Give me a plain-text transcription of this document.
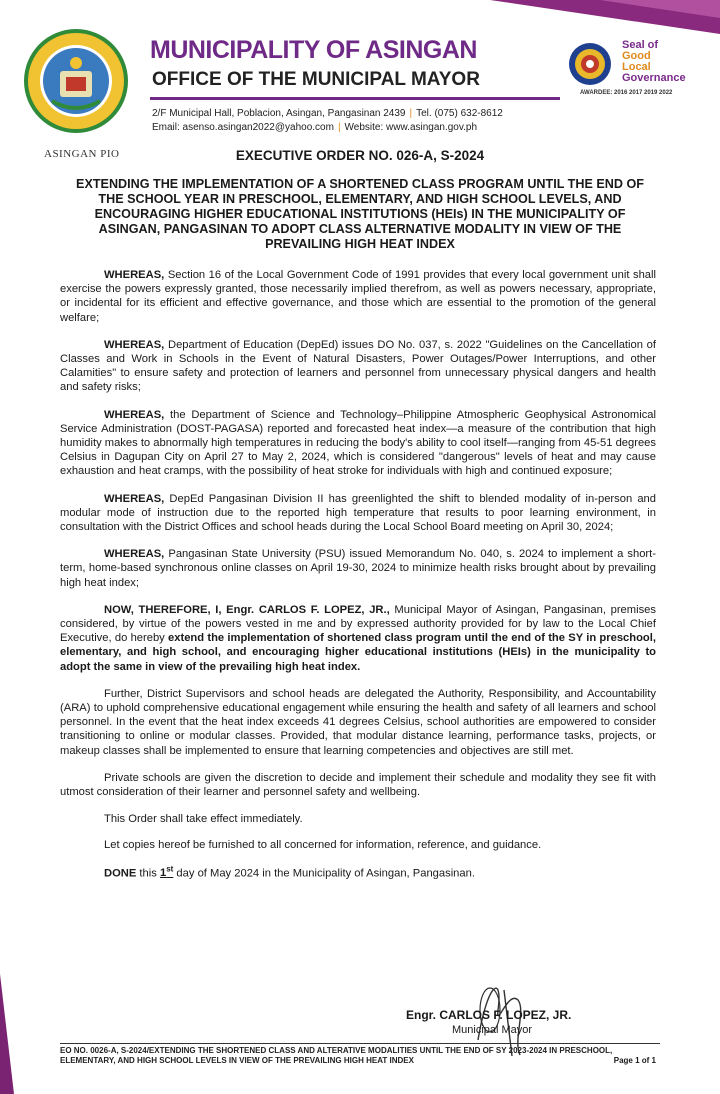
MUNICIPALITY OF ASINGAN
OFFICE OF THE MUNICIPAL MAYOR
2/F Municipal Hall, Poblacion, Asingan, Pangasinan 2439 | Tel. (075) 632-8612
Email: asenso.asingan2022@yahoo.com | Website: www.asingan.gov.ph
Seal of
Good
Local
Governance
AWARDEE: 2016 2017 2019 2022
ASINGAN PIO	EXECUTIVE ORDER NO. 026-A, S-2024
EXTENDING THE IMPLEMENTATION OF A SHORTENED CLASS PROGRAM UNTIL THE END OF THE SCHOOL YEAR IN PRESCHOOL, ELEMENTARY, AND HIGH SCHOOL LEVELS, AND ENCOURAGING HIGHER EDUCATIONAL INSTITUTIONS (HEIs) IN THE MUNICIPALITY OF ASINGAN, PANGASINAN TO ADOPT CLASS ALTERNATIVE MODALITY IN VIEW OF THE PREVAILING HIGH HEAT INDEX

WHEREAS, Section 16 of the Local Government Code of 1991 provides that every local government unit shall exercise the powers expressly granted, those necessarily implied therefrom, as well as powers necessary, appropriate, or incidental for its efficient and effective governance, and those which are essential to the promotion of the general welfare;

WHEREAS, Department of Education (DepEd) issues DO No. 037, s. 2022 "Guidelines on the Cancellation of Classes and Work in Schools in the Event of Natural Disasters, Power Outages/Power Interruptions, and other Calamities" to ensure safety and protection of learners and personnel from unnecessary physical dangers and health and safety risks;

WHEREAS, the Department of Science and Technology–Philippine Atmospheric Geophysical Astronomical Service Administration (DOST-PAGASA) reported and forecasted heat index—a measure of the contribution that high humidity makes to abnormally high temperatures in reducing the body's ability to cool itself—ranging from 45-51 degrees Celsius in Dagupan City on April 27 to May 2, 2024, which is considered "dangerous" levels of heat and may cause exhaustion and heat cramps, with the possibility of heat stroke for individuals with high and continued exposure;

WHEREAS, DepEd Pangasinan Division II has greenlighted the shift to blended modality of in-person and modular mode of instruction due to the reported high temperature that results to poor learning environment, in consultation with the District Offices and school heads during the Local School Board meeting on April 30, 2024;

WHEREAS, Pangasinan State University (PSU) issued Memorandum No. 040, s. 2024 to implement a short-term, home-based synchronous online classes on April 19-30, 2024 to minimize health risks brought about by prevailing high heat index;

NOW, THEREFORE, I, Engr. CARLOS F. LOPEZ, JR., Municipal Mayor of Asingan, Pangasinan, premises considered, by virtue of the powers vested in me and by expressed authority provided for by law to the Local Chief Executive, do hereby extend the implementation of shortened class program until the end of the SY in preschool, elementary, and high school, and encouraging higher educational institutions (HEIs) in the municipality to adopt the same in view of the prevailing high heat index.

Further, District Supervisors and school heads are delegated the Authority, Responsibility, and Accountability (ARA) to uphold comprehensive educational engagement while ensuring the health and safety of all learners and school personnel. In the event that the heat index exceeds 41 degrees Celsius, school authorities are empowered to consider transitioning to online or modular classes. Provided, that modular distance learning, performance tasks, projects, or makeup classes shall be implemented to ensure that learning competencies and objectives are still met.

Private schools are given the discretion to decide and implement their schedule and modality they see fit with utmost consideration of their learner and personnel safety and wellbeing.

This Order shall take effect immediately.

Let copies hereof be furnished to all concerned for information, reference, and guidance.

DONE this 1st day of May 2024 in the Municipality of Asingan, Pangasinan.

Engr. CARLOS F. LOPEZ, JR.
Municipal Mayor
EO NO. 0026-A, S-2024/EXTENDING THE SHORTENED CLASS AND ALTERATIVE MODALITIES UNTIL THE END OF SY 2023-2024 IN PRESCHOOL, ELEMENTARY, AND HIGH SCHOOL LEVELS IN VIEW OF THE PREVAILING HIGH HEAT INDEX	Page 1 of 1
